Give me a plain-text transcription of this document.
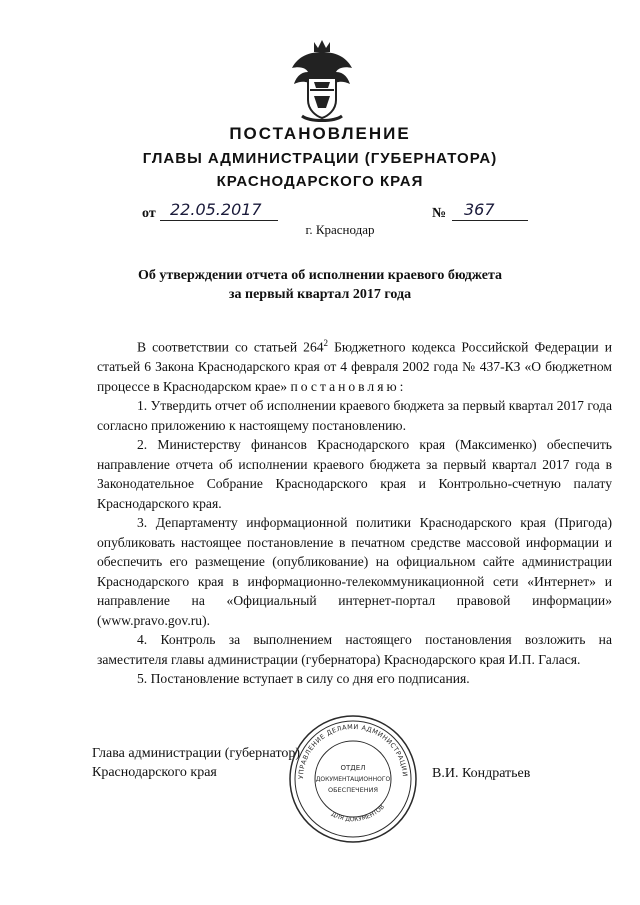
ПОСТАНОВЛЕНИЕ
ГЛАВЫ АДМИНИСТРАЦИИ (ГУБЕРНАТОРА)
КРАСНОДАРСКОГО КРАЯ
от 22.05.2017	№ 367
г. Краснодар
Об утверждении отчета об исполнении краевого бюджета
за первый квартал 2017 года

В соответствии со статьей $264^2$ Бюджетного кодекса Российской Федерации и статьей 6 Закона Краснодарского края от 4 февраля 2002 года № 437-КЗ «О бюджетном процессе в Краснодарском крае» постановляю:

1. Утвердить отчет об исполнении краевого бюджета за первый квартал 2017 года согласно приложению к настоящему постановлению.

2. Министерству финансов Краснодарского края (Максименко) обеспечить направление отчета об исполнении краевого бюджета за первый квартал 2017 года в Законодательное Собрание Краснодарского края и Контрольно-счетную палату Краснодарского края.

3. Департаменту информационной политики Краснодарского края (Пригода) опубликовать настоящее постановление в печатном средстве массовой информации и обеспечить его размещение (опубликование) на официальном сайте администрации Краснодарского края в информационно-телекоммуникационной сети «Интернет» и направление на «Официальный интернет-портал правовой информации» (www.pravo.gov.ru).

4. Контроль за выполнением настоящего постановления возложить на заместителя главы администрации (губернатора) Краснодарского края И.П. Галася.

5. Постановление вступает в силу со дня его подписания.

Глава администрации (губернатор)
Краснодарского края	В.И. Кондратьев
УПРАВЛЕНИЕ ДЕЛАМИ АДМИНИСТРАЦИИ
ДЛЯ ДОКУМЕНТОВ
ОТДЕЛ
ДОКУМЕНТАЦИОННОГО
ОБЕСПЕЧЕНИЯ
